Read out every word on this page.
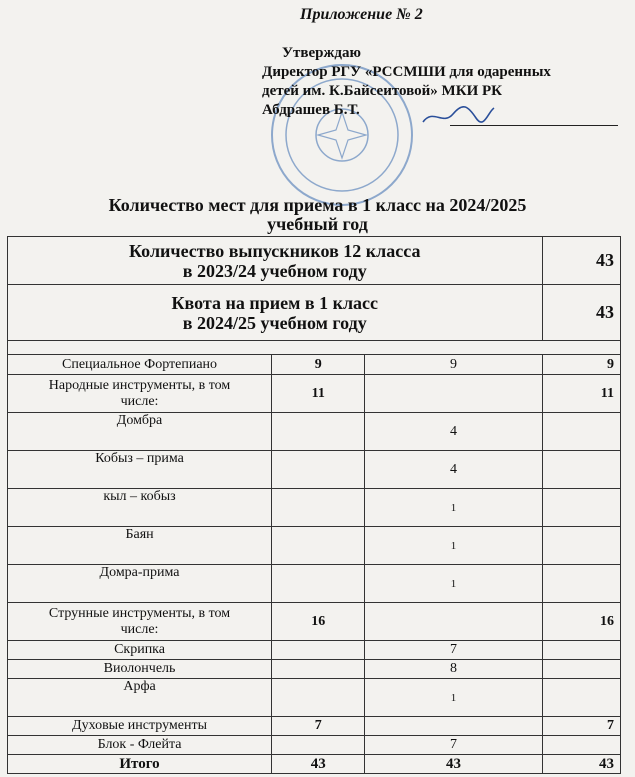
Приложение № 2
Утверждаю
Директор РГУ «РССМШИ для одаренных
детей им. К.Байсеитовой» МКИ РК
Абдрашев Б.Т.
Количество мест для приема в 1 класс на 2024/2025
учебный год
Количество выпускников 12 класса
в 2023/24 учебном году			43

Квота на прием в 1 класс
в 2024/25 учебном году			43

Специальное Фортепиано	9	9	9

Народные инструменты, в том
числе:	11		11
Домбра		4	
Кобыз – прима		4	
кыл – кобыз		1	
Баян		1	
Домра-прима		1	

Струнные инструменты, в том
числе:	16		16
Скрипка		7	
Виолончель		8	
Арфа		1	
Духовые инструменты	7		7
Блок - Флейта		7	
Итого	43	43	43
